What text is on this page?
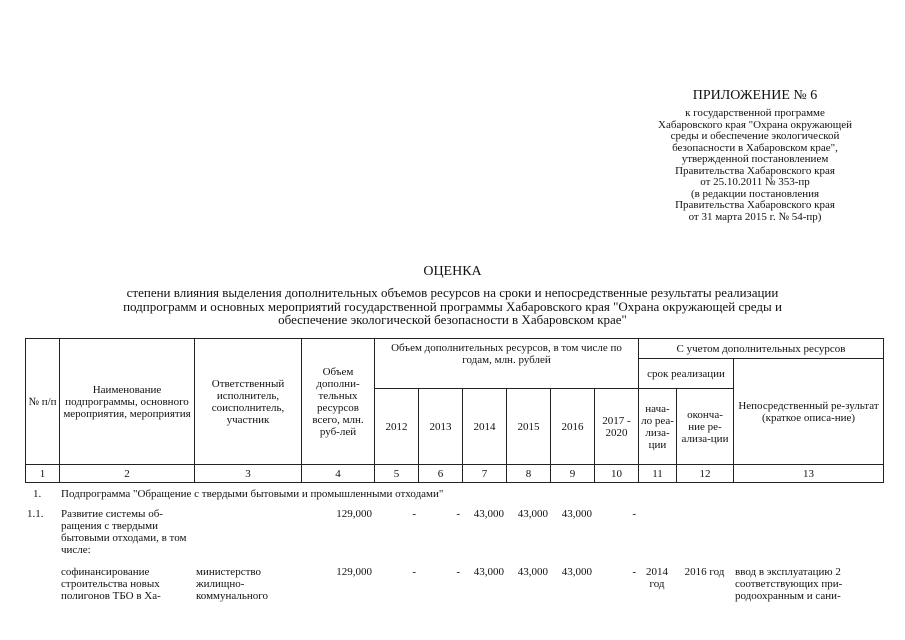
ПРИЛОЖЕНИЕ № 6
к государственной программе
Хабаровского края "Охрана окружающей
среды и обеспечение экологической
безопасности в Хабаровском крае",
утвержденной постановлением
Правительства Хабаровского края
от 25.10.2011 № 353-пр
(в редакции постановления
Правительства Хабаровского края
от 31 марта 2015 г. № 54-пр)
ОЦЕНКА
степени влияния выделения дополнительных объемов ресурсов на сроки и непосредственные результаты реализации
подпрограмм и основных мероприятий государственной программы Хабаровского края "Охрана окружающей среды и
обеспечение экологической безопасности в Хабаровском крае"
№ п/п	Наименование подпрограммы, основного мероприятия, мероприятия	Ответственный исполнитель, соисполнитель, участник	Объем дополни-тельных ресурсов всего, млн. руб-лей	Объем дополнительных ресурсов, в том числе по годам, млн. рублей						С учетом дополнительных ресурсов		
										срок реализации		Непосредственный ре-зультат (краткое описа-ние)
				2012	2013	2014	2015	2016	2017 - 2020	нача-ло реа-лиза-ции	оконча-ние ре-ализа-ции	
1	2	3	4	5	6	7	8	9	10	11	12	13
1.	Подпрограмма "Обращение с твердыми бытовыми и промышленными отходами"											
1.1.	Развитие системы об-ращения с твердыми бытовыми отходами, в том числе:		129,000	-	-	43,000	43,000	43,000	-			
	софинансирование строительства новых полигонов ТБО в Ха-	министерство жилищно-коммунального	129,000	-	-	43,000	43,000	43,000	-	2014 год	2016 год	ввод в эксплуатацию 2 соответствующих при-родоохранным и сани-
